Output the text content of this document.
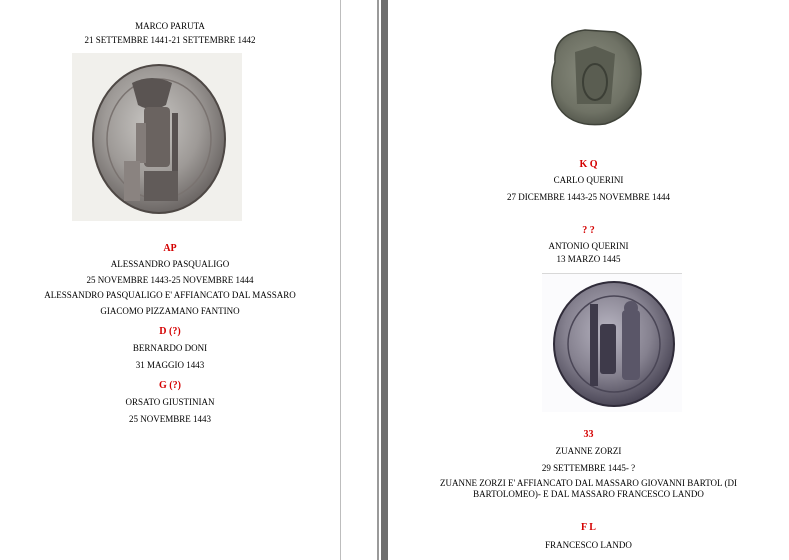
MARCO PARUTA
21 SETTEMBRE 1441-21 SETTEMBRE 1442
AP
ALESSANDRO PASQUALIGO
25 NOVEMBRE 1443-25 NOVEMBRE 1444
ALESSANDRO PASQUALIGO E' AFFIANCATO DAL MASSARO
GIACOMO PIZZAMANO FANTINO
D (?)
BERNARDO DONI
31 MAGGIO 1443
G (?)
ORSATO GIUSTINIAN
25 NOVEMBRE 1443
K Q
CARLO QUERINI
27 DICEMBRE 1443-25 NOVEMBRE 1444
? ?
ANTONIO QUERINI
13 MARZO 1445
33
ZUANNE ZORZI
29 SETTEMBRE 1445- ?
ZUANNE ZORZI E' AFFIANCATO DAL MASSARO GIOVANNI BARTOL (DI
BARTOLOMEO)- E DAL MASSARO FRANCESCO LANDO
F L
FRANCESCO LANDO
